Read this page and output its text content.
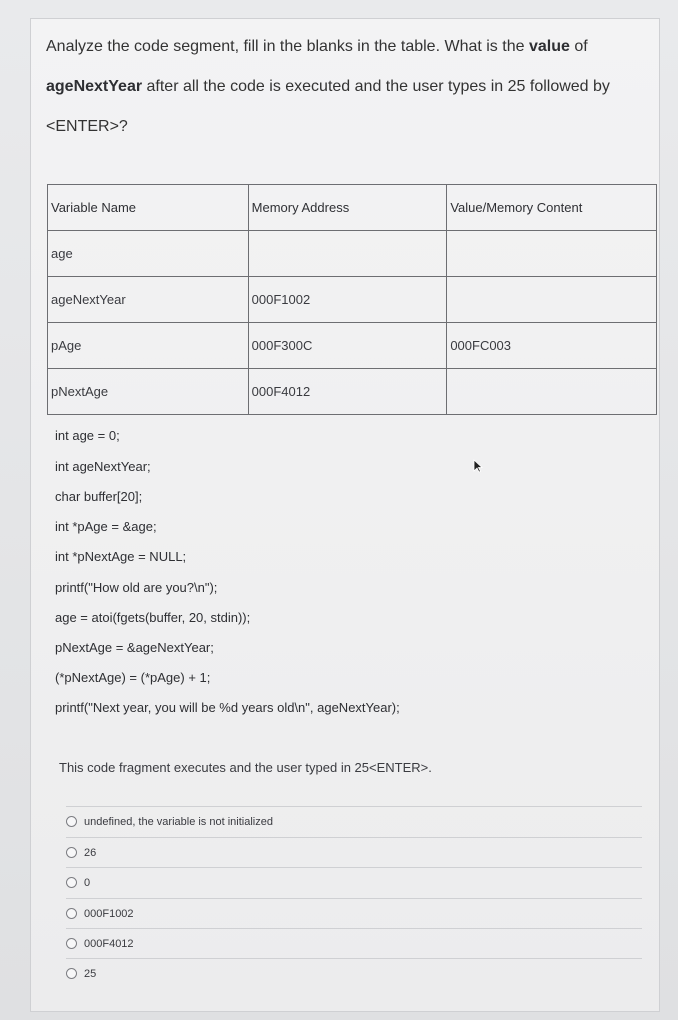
Analyze the code segment, fill in the blanks in the table. What is the value of
ageNextYear after all the code is executed and the user types in 25 followed by
<ENTER>?
Variable Name	Memory Address	Value/Memory Content
age		
ageNextYear	000F1002	
pAge	000F300C	000FC003
pNextAge	000F4012	
int age = 0;
int ageNextYear;
char buffer[20];
int *pAge = &age;
int *pNextAge = NULL;
printf("How old are you?\n");
age = atoi(fgets(buffer, 20, stdin));
pNextAge = &ageNextYear;
(*pNextAge) = (*pAge) + 1;
printf("Next year, you will be %d years old\n", ageNextYear);
This code fragment executes and the user typed in 25<ENTER>.
undefined, the variable is not initialized
26
0
000F1002
000F4012
25
